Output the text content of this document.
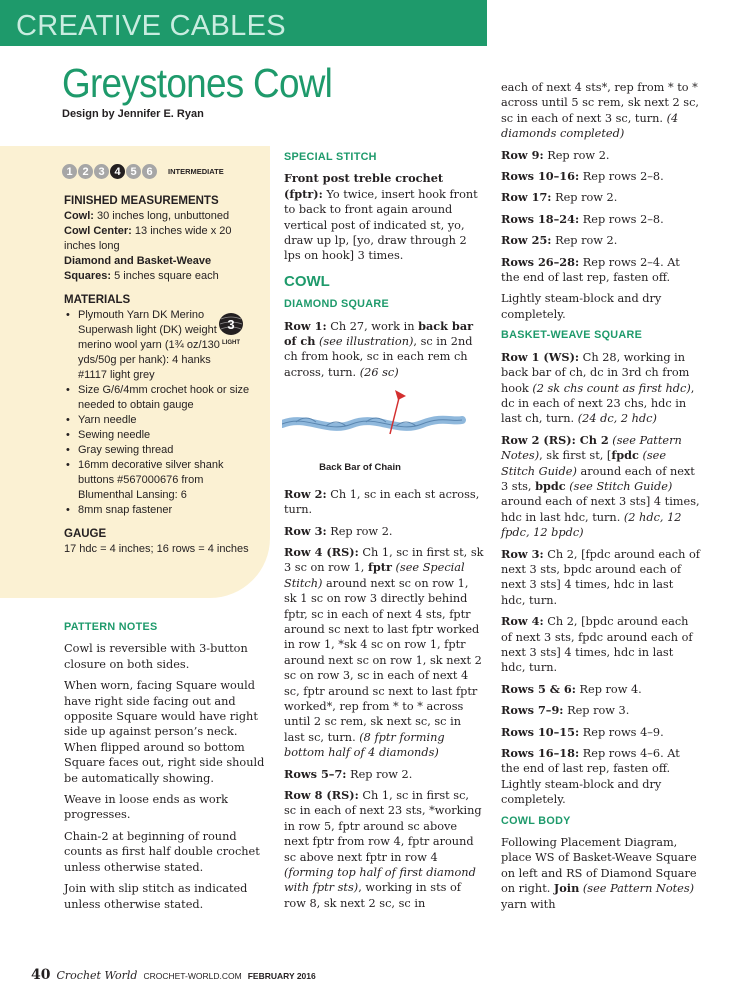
CREATIVE CABLES
Greystones Cowl
Design by Jennifer E. Ryan
1 2 3 4 5 6	INTERMEDIATE
FINISHED MEASUREMENTS
Cowl: 30 inches long, unbuttoned
Cowl Center: 13 inches wide x 20 inches long
Diamond and Basket-Weave Squares: 5 inches square each
MATERIALS
• Plymouth Yarn DK Merino Superwash light (DK) weight merino wool yarn (1¾ oz/130 yds/50g per hank): 4 hanks #1117 light grey
• Size G/6/4mm crochet hook or size needed to obtain gauge
• Yarn needle
• Sewing needle
• Gray sewing thread
• 16mm decorative silver shank buttons #567000676 from Blumenthal Lansing: 6
• 8mm snap fastener
GAUGE
17 hdc = 4 inches; 16 rows = 4 inches
3
LIGHT
PATTERN NOTES

Cowl is reversible with 3-button closure on both sides.

When worn, facing Square would have right side facing out and opposite Square would have right side up against person’s neck. When flipped around so bottom Square faces out, right side should be automatically showing.

Weave in loose ends as work progresses.

Chain-2 at beginning of round counts as first half double crochet unless otherwise stated.

Join with slip stitch as indicated unless otherwise stated.

SPECIAL STITCH

Front post treble crochet (fptr): Yo twice, insert hook front to back to front again around vertical post of indicated st, yo, draw up lp, [yo, draw through 2 lps on hook] 3 times.

COWL
DIAMOND SQUARE

Row 1: Ch 27, work in back bar of ch (see illustration), sc in 2nd ch from hook, sc in each rem ch across, turn. (26 sc)

Back Bar of Chain

Row 2: Ch 1, sc in each st across, turn.

Row 3: Rep row 2.

Row 4 (RS): Ch 1, sc in first st, sk 3 sc on row 1, fptr (see Special Stitch) around next sc on row 1, sk 1 sc on row 3 directly behind fptr, sc in each of next 4 sts, fptr around sc next to last fptr worked in row 1, *sk 4 sc on row 1, fptr around next sc on row 1, sk next 2 sc on row 3, sc in each of next 4 sc, fptr around sc next to last fptr worked*, rep from * to * across until 2 sc rem, sk next sc, sc in last sc, turn. (8 fptr forming bottom half of 4 diamonds)

Rows 5–7: Rep row 2.

Row 8 (RS): Ch 1, sc in first sc, sc in each of next 23 sts, *working in row 5, fptr around sc above next fptr from row 4, fptr around sc above next fptr in row 4 (forming top half of first diamond with fptr sts), working in sts of row 8, sk next 2 sc, sc in

each of next 4 sts*, rep from * to * across until 5 sc rem, sk next 2 sc, sc in each of next 3 sc, turn. (4 diamonds completed)

Row 9: Rep row 2.

Rows 10–16: Rep rows 2–8.

Row 17: Rep row 2.

Rows 18–24: Rep rows 2–8.

Row 25: Rep row 2.

Rows 26–28: Rep rows 2–4. At the end of last rep, fasten off.

Lightly steam-block and dry completely.

BASKET-WEAVE SQUARE

Row 1 (WS): Ch 28, working in back bar of ch, dc in 3rd ch from hook (2 sk chs count as first hdc), dc in each of next 23 chs, hdc in last ch, turn. (24 dc, 2 hdc)

Row 2 (RS): Ch 2 (see Pattern Notes), sk first st, [fpdc (see Stitch Guide) around each of next 3 sts, bpdc (see Stitch Guide) around each of next 3 sts] 4 times, hdc in last hdc, turn. (2 hdc, 12 fpdc, 12 bpdc)

Row 3: Ch 2, [fpdc around each of next 3 sts, bpdc around each of next 3 sts] 4 times, hdc in last hdc, turn.

Row 4: Ch 2, [bpdc around each of next 3 sts, fpdc around each of next 3 sts] 4 times, hdc in last hdc, turn.

Rows 5 & 6: Rep row 4.

Rows 7–9: Rep row 3.

Rows 10–15: Rep rows 4–9.

Rows 16–18: Rep rows 4–6. At the end of last rep, fasten off.

Lightly steam-block and dry completely.

COWL BODY

Following Placement Diagram, place WS of Basket-Weave Square on left and RS of Diamond Square on right. Join (see Pattern Notes) yarn with

40 Crochet World CROCHET-WORLD.COM FEBRUARY 2016
